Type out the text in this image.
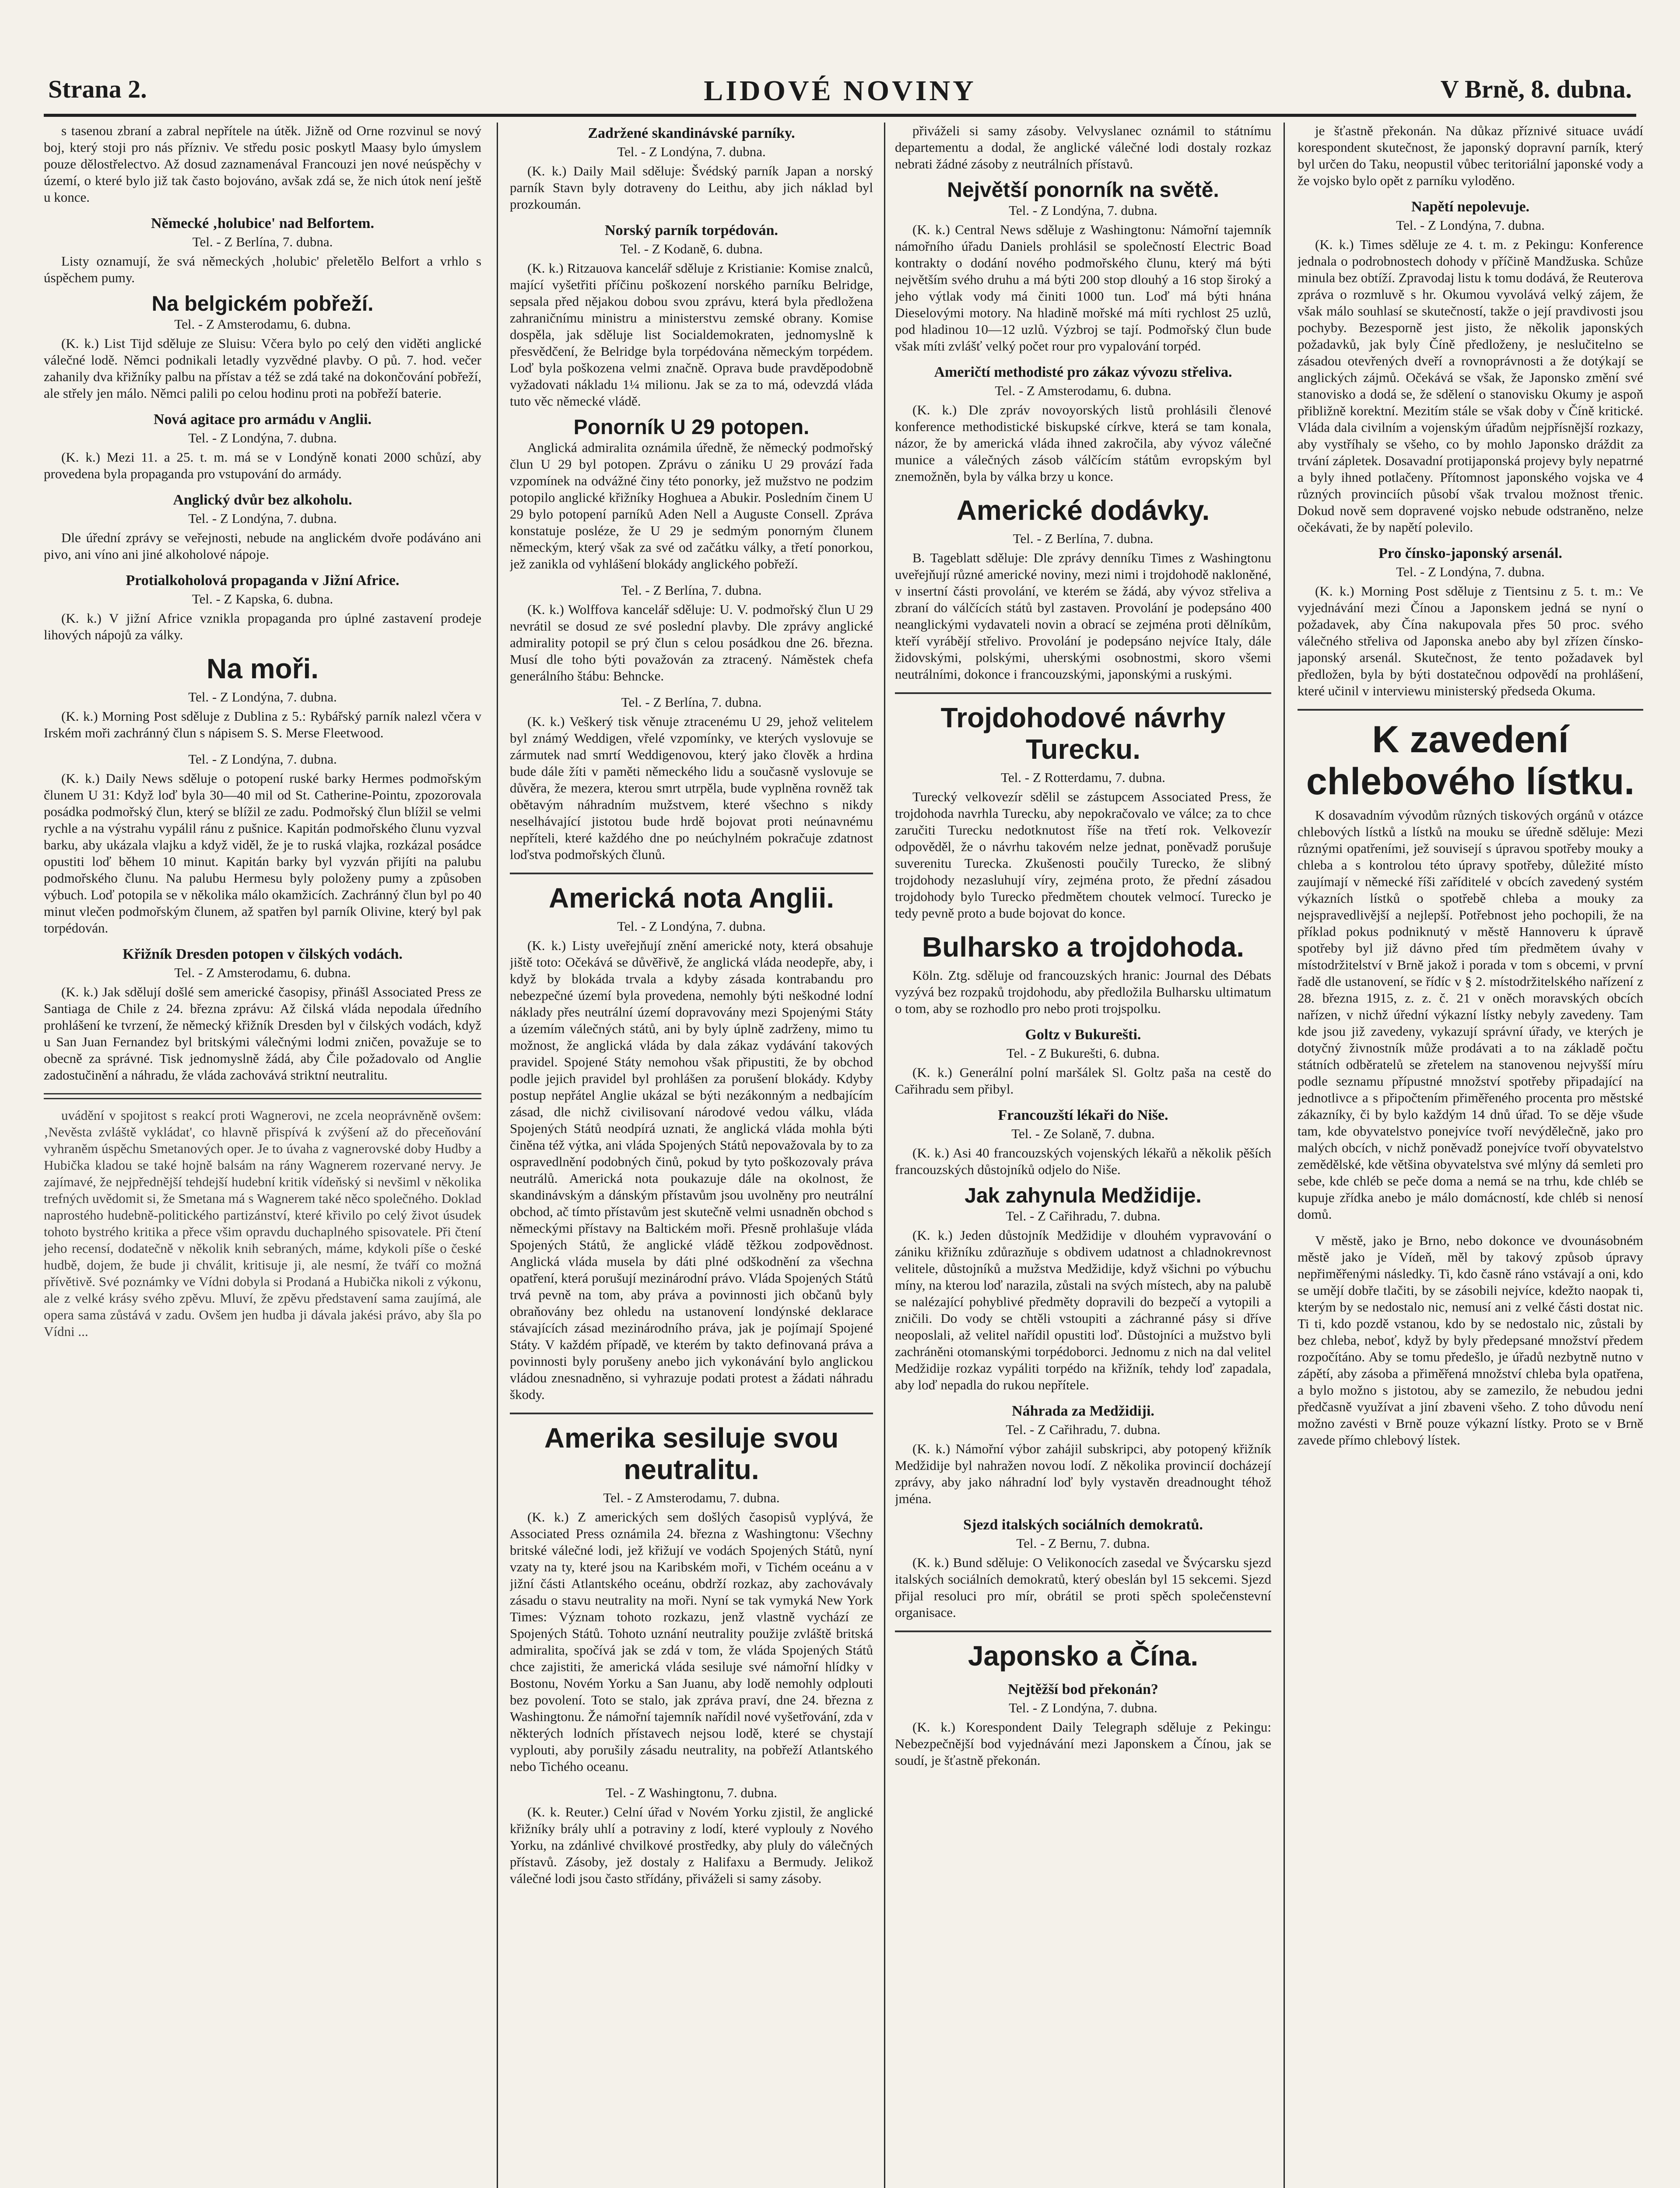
Strana 2.	LIDOVÉ NOVINY	V Brně, 8. dubna.

s tasenou zbraní a zabral nepřítele na útěk. Jižně od Orne rozvinul se nový boj, který stoji pro nás přízniv. Ve středu posic poskytl Maasy bylo úmyslem pouze dělostřelectvo. Až dosud zaznamenával Francouzi jen nové neúspěchy v území, o které bylo již tak často bojováno, avšak zdá se, že nich útok není ještě u konce.

Německé ‚holubice' nad Belfortem.
Tel. - Z Berlína, 7. dubna.

Listy oznamují, že svá německých ‚holubic' přeletělo Belfort a vrhlo s úspěchem pumy.

Na belgickém pobřeží.
Tel. - Z Amsterodamu, 6. dubna.

(K. k.) List Tijd sděluje ze Sluisu: Včera bylo po celý den viděti anglické válečné lodě. Němci podnikali letadly vyzvědné plavby. O pů. 7. hod. večer zahanily dva křižníky palbu na přístav a též se zdá také na dokončování pobřeží, ale střely jen málo. Němci palili po celou hodinu proti na pobřeží baterie.

Nová agitace pro armádu v Anglii.
Tel. - Z Londýna, 7. dubna.

(K. k.) Mezi 11. a 25. t. m. má se v Londýně konati 2000 schůzí, aby provedena byla propaganda pro vstupování do armády.

Anglický dvůr bez alkoholu.
Tel. - Z Londýna, 7. dubna.

Dle úřední zprávy se veřejnosti, nebude na anglickém dvoře podáváno ani pivo, ani víno ani jiné alkoholové nápoje.

Protialkoholová propaganda v Jižní Africe.
Tel. - Z Kapska, 6. dubna.

(K. k.) V jižní Africe vznikla propaganda pro úplné zastavení prodeje lihových nápojů za války.

Na moři.
Tel. - Z Londýna, 7. dubna.

(K. k.) Morning Post sděluje z Dublina z 5.: Rybářský parník nalezl včera v Irském moři zachránný člun s nápisem S. S. Merse Fleetwood.

Tel. - Z Londýna, 7. dubna.

(K. k.) Daily News sděluje o potopení ruské barky Hermes podmořským člunem U 31: Když loď byla 30—40 mil od St. Catherine-Pointu, zpozorovala posádka podmořský člun, který se blížil ze zadu. Podmořský člun blížil se velmi rychle a na výstrahu vypálil ránu z pušnice. Kapitán podmořského člunu vyzval barku, aby ukázala vlajku a když viděl, že je to ruská vlajka, rozkázal posádce opustiti loď během 10 minut. Kapitán barky byl vyzván přijíti na palubu podmořského člunu. Na palubu Hermesu byly položeny pumy a způsoben výbuch. Loď potopila se v několika málo okamžicích. Zachránný člun byl po 40 minut vlečen podmořským člunem, až spatřen byl parník Olivine, který byl pak torpédován.

Křižník Dresden potopen v čilských vodách.
Tel. - Z Amsterodamu, 6. dubna.

(K. k.) Jak sdělují došlé sem americké časopisy, přinášl Associated Press ze Santiaga de Chile z 24. března zprávu: Až čilská vláda nepodala úředního prohlášení ke tvrzení, že německý křižník Dresden byl v čilských vodách, když u San Juan Fernandez byl britskými válečnými lodmi zničen, považuje se to obecně za správné. Tisk jednomyslně žádá, aby Čile požadovalo od Anglie zadostučinění a náhradu, že vláda zachovává striktní neutralitu.

uvádění v spojitost s reakcí proti Wagnerovi, ne zcela neoprávněně ovšem: ‚Nevěsta zvláště vykládat', co hlavně přispívá k zvýšení až do přeceňování vyhraněm úspěchu Smetanových oper. Je to úvaha z vagnerovské doby Hudby a Hubička kladou se také hojně balsám na rány Wagnerem rozervané nervy. Je zajímavé, že nejpřednější tehdejší hudební kritik vídeňský si nevšiml v několika trefných uvědomit si, že Smetana má s Wagnerem také něco společného. Doklad naprostého hudebně-politického partizánství, které křivilo po celý život úsudek tohoto bystrého kritika a přece všim opravdu duchaplného spisovatele. Při čtení jeho recensí, dodatečně v několik knih sebraných, máme, kdykoli píše o české hudbě, dojem, že bude ji chválit, kritisuje ji, ale nesmí, že tváří co možná přívětivě. Své poznámky ve Vídni dobyla si Prodaná a Hubička nikoli z výkonu, ale z velké krásy svého zpěvu. Mluví, že zpěvu představení sama zaujímá, ale opera sama zůstává v zadu. Ovšem jen hudba ji dávala jakési právo, aby šla po Vídni ...

Zadržené skandinávské parníky.
Tel. - Z Londýna, 7. dubna.

(K. k.) Daily Mail sděluje: Švédský parník Japan a norský parník Stavn byly dotraveny do Leithu, aby jich náklad byl prozkoumán.

Norský parník torpédován.
Tel. - Z Kodaně, 6. dubna.

(K. k.) Ritzauova kancelář sděluje z Kristianie: Komise znalců, mající vyšetřiti příčinu poškození norského parníku Belridge, sepsala před nějakou dobou svou zprávu, která byla předložena zahraničnímu ministru a ministerstvu zemské obrany. Komise dospěla, jak sděluje list Socialdemokraten, jednomyslně k přesvědčení, že Belridge byla torpédována německým torpédem. Loď byla poškozena velmi značně. Oprava bude pravděpodobně vyžadovati nákladu 1¼ milionu. Jak se za to má, odevzdá vláda tuto věc německé vládě.

Ponorník U 29 potopen.

Anglická admiralita oznámila úředně, že německý podmořský člun U 29 byl potopen. Zprávu o zániku U 29 provází řada vzpomínek na odvážné činy této ponorky, jež mužstvo ne podzim potopilo anglické křižníky Hoghuea a Abukir. Posledním činem U 29 bylo potopení parníků Aden Nell a Auguste Consell. Zpráva konstatuje posléze, že U 29 je sedmým ponorným člunem německým, který však za své od začátku války, a třetí ponorkou, jež zanikla od vyhlášení blokády anglického pobřeží.

Tel. - Z Berlína, 7. dubna.

(K. k.) Wolffova kancelář sděluje: U. V. podmořský člun U 29 nevrátil se dosud ze své poslední plavby. Dle zprávy anglické admirality potopil se prý člun s celou posádkou dne 26. března. Musí dle toho býti považován za ztracený. Náměstek chefa generálního štábu: Behncke.

Tel. - Z Berlína, 7. dubna.

(K. k.) Veškerý tisk věnuje ztracenému U 29, jehož velitelem byl známý Weddigen, vřelé vzpomínky, ve kterých vyslovuje se zármutek nad smrtí Weddigenovou, který jako člověk a hrdina bude dále žíti v paměti německého lidu a současně vyslovuje se důvěra, že mezera, kterou smrt utrpěla, bude vyplněna rovněž tak obětavým náhradním mužstvem, které všechno s nikdy neselhávající jistotou bude hrdě bojovat proti neúnavnému nepříteli, které každého dne po neúchylném pokračuje zdatnost loďstva podmořských člunů.

Americká nota Anglii.
Tel. - Z Londýna, 7. dubna.

(K. k.) Listy uveřejňují znění americké noty, která obsahuje jiště toto: Očekává se důvěřivě, že anglická vláda neodepře, aby, i když by blokáda trvala a kdyby zásada kontrabandu pro nebezpečné území byla provedena, nemohly býti neškodné lodní náklady přes neutrální území dopravovány mezi Spojenými Státy a územím válečných států, ani by byly úplně zadrženy, mimo tu možnost, že anglická vláda by dala zákaz vydávání takových pravidel. Spojené Státy nemohou však připustiti, že by obchod podle jejich pravidel byl prohlášen za porušení blokády. Kdyby postup nepřátel Anglie ukázal se býti nezákonným a nedbajícím zásad, dle nichž civilisovaní národové vedou válku, vláda Spojených Států neodpírá uznati, že anglická vláda mohla býti činěna též výtka, ani vláda Spojených Států nepovažovala by to za ospravedlnění podobných činů, pokud by tyto poškozovaly práva neutrálů. Americká nota poukazuje dále na okolnost, že skandinávským a dánským přístavům jsou uvolněny pro neutrální obchod, ač tímto přístavům jest skutečně velmi usnadněn obchod s německými přístavy na Baltickém moři. Přesně prohlašuje vláda Spojených Států, že anglické vládě těžkou zodpovědnost. Anglická vláda musela by dáti plné odškodnění za všechna opatření, která porušují mezinárodní právo. Vláda Spojených Států trvá pevně na tom, aby práva a povinnosti jich občanů byly obraňovány bez ohledu na ustanovení londýnské deklarace stávajících zásad mezinárodního práva, jak je pojímají Spojené Státy. V každém případě, ve kterém by takto definovaná práva a povinnosti byly porušeny anebo jich vykonávání bylo anglickou vládou znesnadněno, si vyhrazuje podati protest a žádati náhradu škody.

Amerika sesiluje svou neutralitu.
Tel. - Z Amsterodamu, 7. dubna.

(K. k.) Z amerických sem došlých časopisů vyplývá, že Associated Press oznámila 24. března z Washingtonu: Všechny britské válečné lodi, jež křižují ve vodách Spojených Států, nyní vzaty na ty, které jsou na Karibském moři, v Tichém oceánu a v jižní části Atlantského oceánu, obdrží rozkaz, aby zachovávaly zásadu o stavu neutrality na moři. Nyní se tak vymyká New York Times: Význam tohoto rozkazu, jenž vlastně vychází ze Spojených Států. Tohoto uznání neutrality použije zvláště britská admiralita, spočívá jak se zdá v tom, že vláda Spojených Států chce zajistiti, že americká vláda sesiluje své námořní hlídky v Bostonu, Novém Yorku a San Juanu, aby lodě nemohly odplouti bez povolení. Toto se stalo, jak zpráva praví, dne 24. března z Washingtonu. Že námořní tajemník nařídil nové vyšetřování, zda v některých lodních přístavech nejsou lodě, které se chystají vyplouti, aby porušily zásadu neutrality, na pobřeží Atlantského nebo Tichého oceanu.

Tel. - Z Washingtonu, 7. dubna.

(K. k. Reuter.) Celní úřad v Novém Yorku zjistil, že anglické křižníky brály uhlí a potraviny z lodí, které vyplouly z Nového Yorku, na zdánlivé chvilkové prostředky, aby pluly do válečných přístavů. Zásoby, jež dostaly z Halifaxu a Bermudy. Jelikož válečné lodi jsou často střídány, přiváželi si samy zásoby.

přiváželi si samy zásoby. Velvyslanec oznámil to státnímu departementu a dodal, že anglické válečné lodi dostaly rozkaz nebrati žádné zásoby z neutrálních přístavů.

Největší ponorník na světě.
Tel. - Z Londýna, 7. dubna.

(K. k.) Central News sděluje z Washingtonu: Námořní tajemník námořního úřadu Daniels prohlásil se společností Electric Boad kontrakty o dodání nového podmořského člunu, který má býti největším svého druhu a má býti 200 stop dlouhý a 16 stop široký a jeho výtlak vody má činiti 1000 tun. Loď má býti hnána Dieselovými motory. Na hladině mořské má míti rychlost 25 uzlů, pod hladinou 10—12 uzlů. Výzbroj se tají. Podmořský člun bude však míti zvlášť velký počet rour pro vypalování torpéd.

Američtí methodisté pro zákaz vývozu střeliva.
Tel. - Z Amsterodamu, 6. dubna.

(K. k.) Dle zpráv novoyorských listů prohlásili členové konference methodistické biskupské církve, která se tam konala, názor, že by americká vláda ihned zakročila, aby vývoz válečné munice a válečných zásob válčícím státům evropským byl znemožněn, byla by válka brzy u konce.

Americké dodávky.
Tel. - Z Berlína, 7. dubna.

B. Tageblatt sděluje: Dle zprávy denníku Times z Washingtonu uveřejňují různé americké noviny, mezi nimi i trojdohodě nakloněné, v insertní části provolání, ve kterém se žádá, aby vývoz střeliva a zbraní do válčících států byl zastaven. Provolání je podepsáno 400 neanglickými vydavateli novin a obrací se zejména proti dělníkům, kteří vyrábějí střelivo. Provolání je podepsáno nejvíce Italy, dále židovskými, polskými, uherskými osobnostmi, skoro všemi neutrálními, dokonce i francouzskými, japonskými a ruskými.

Trojdohodové návrhy Turecku.
Tel. - Z Rotterdamu, 7. dubna.

Turecký velkovezír sdělil se zástupcem Associated Press, že trojdohoda navrhla Turecku, aby nepokračovalo ve válce; za to chce zaručiti Turecku nedotknutost říše na třetí rok. Velkovezír odpověděl, že o návrhu takovém nelze jednat, poněvadž porušuje suverenitu Turecka. Zkušenosti poučily Turecko, že slibný trojdohody nezasluhují víry, zejména proto, že přední zásadou trojdohody bylo Turecko předmětem choutek velmocí. Turecko je tedy pevně proto a bude bojovat do konce.

Bulharsko a trojdohoda.

Köln. Ztg. sděluje od francouzských hranic: Journal des Débats vyzývá bez rozpaků trojdohodu, aby předložila Bulharsku ultimatum o tom, aby se rozhodlo pro nebo proti trojspolku.

Goltz v Bukurešti.
Tel. - Z Bukurešti, 6. dubna.

(K. k.) Generální polní maršálek Sl. Goltz paša na cestě do Cařihradu sem přibyl.

Francouzští lékaři do Niše.
Tel. - Ze Solaně, 7. dubna.

(K. k.) Asi 40 francouzských vojenských lékařů a několik pěších francouzských důstojníků odjelo do Niše.

Jak zahynula Medžidije.
Tel. - Z Cařihradu, 7. dubna.

(K. k.) Jeden důstojník Medžidije v dlouhém vypravování o zániku křižníku zdůrazňuje s obdivem udatnost a chladnokrevnost velitele, důstojníků a mužstva Medžidije, když všichni po výbuchu míny, na kterou loď narazila, zůstali na svých místech, aby na palubě se nalézající pohyblivé předměty dopravili do bezpečí a vytopili a zničili. Do vody se chtěli vstoupiti a záchranné pásy si dříve neoposlali, až velitel nařídil opustiti loď. Důstojníci a mužstvo byli zachráněni otomanskými torpédoborci. Jednomu z nich na dal velitel Medžidije rozkaz vypáliti torpédo na křižník, tehdy loď zapadala, aby loď nepadla do rukou nepřítele.

Náhrada za Medžidiji.
Tel. - Z Cařihradu, 7. dubna.

(K. k.) Námořní výbor zahájil subskripci, aby potopený křižník Medžidije byl nahražen novou lodí. Z několika provincií docházejí zprávy, aby jako náhradní loď byly vystavěn dreadnought téhož jména.

Sjezd italských sociálních demokratů.
Tel. - Z Bernu, 7. dubna.

(K. k.) Bund sděluje: O Velikonocích zasedal ve Švýcarsku sjezd italských sociálních demokratů, který obeslán byl 15 sekcemi. Sjezd přijal resoluci pro mír, obrátil se proti spěch společenstevní organisace.

Japonsko a Čína.
Nejtěžší bod překonán?
Tel. - Z Londýna, 7. dubna.

(K. k.) Korespondent Daily Telegraph sděluje z Pekingu: Nebezpečnější bod vyjednávání mezi Japonskem a Čínou, jak se soudí, je šťastně překonán.

je šťastně překonán. Na důkaz příznivé situace uvádí korespondent skutečnost, že japonský dopravní parník, který byl určen do Taku, neopustil vůbec teritoriální japonské vody a že vojsko bylo opět z parníku vyloděno.

Napětí nepolevuje.
Tel. - Z Londýna, 7. dubna.

(K. k.) Times sděluje ze 4. t. m. z Pekingu: Konference jednala o podrobnostech dohody v příčině Mandžuska. Schůze minula bez obtíží. Zpravodaj listu k tomu dodává, že Reuterova zpráva o rozmluvě s hr. Okumou vyvolává velký zájem, že však málo souhlasí se skutečností, takže o její pravdivosti jsou pochyby. Bezesporně jest jisto, že několik japonských požadavků, jak byly Číně předloženy, je neslučitelno se zásadou otevřených dveří a rovnoprávnosti a že dotýkají se anglických zájmů. Očekává se však, že Japonsko změní své stanovisko a dodá se, že sdělení o stanovisku Okumy je aspoň přibližně korektní. Mezitím stále se však doby v Číně kritické. Vláda dala civilním a vojenským úřadům nejpřísnější rozkazy, aby vystříhaly se všeho, co by mohlo Japonsko dráždit za trvání zápletek. Dosavadní protijaponská projevy byly nepatrné a byly ihned potlačeny. Přítomnost japonského vojska ve 4 různých provinciích působí však trvalou možnost třenic. Dokud nově sem dopravené vojsko nebude odstraněno, nelze očekávati, že by napětí polevilo.

Pro čínsko-japonský arsenál.
Tel. - Z Londýna, 7. dubna.

(K. k.) Morning Post sděluje z Tientsinu z 5. t. m.: Ve vyjednávání mezi Čínou a Japonskem jedná se nyní o požadavek, aby Čína nakupovala přes 50 proc. svého válečného střeliva od Japonska anebo aby byl zřízen čínsko-japonský arsenál. Skutečnost, že tento požadavek byl předložen, byla by býti dostatečnou odpovědí na prohlášení, které učinil v interviewu ministerský předseda Okuma.

K zavedení chlebového lístku.

K dosavadním vývodům různých tiskových orgánů v otázce chlebových lístků a lístků na mouku se úředně sděluje: Mezi různými opatřeními, jež souvisejí s úpravou spotřeby mouky a chleba a s kontrolou této úpravy spotřeby, důležité místo zaujímají v německé říši zaříditelé v obcích zavedený systém výkazních lístků o spotřebě chleba a mouky za nejspravedlivější a nejlepší. Potřebnost jeho pochopili, že na příklad pokus podniknutý v městě Hannoveru k úpravě spotřeby byl již dávno před tím předmětem úvahy v místodržitelství v Brně jakož i porada v tom s obcemi, v první řadě dle ustanovení, se řídíc v § 2. místodržitelského nařízení z 28. března 1915, z. z. č. 21 v oněch moravských obcích nařízen, v nichž úřední výkazní lístky nebyly zavedeny. Tam kde jsou již zavedeny, vykazují správní úřady, ve kterých je dotyčný živnostník může prodávati a to na základě počtu státních odběratelů se zřetelem na stanovenou nejvyšší míru podle seznamu přípustné množství spotřeby připadající na jednotlivce a s připočtením přiměřeného procenta pro městské zákazníky, či by bylo každým 14 dnů úřad. To se děje všude tam, kde obyvatelstvo ponejvíce tvoří nevýdělečně, jako pro malých obcích, v nichž poněvadž ponejvíce tvoří obyvatelstvo zemědělské, kde většina obyvatelstva své mlýny dá semleti pro sebe, kde chléb se peče doma a nemá se na trhu, kde chléb se kupuje zřídka anebo je málo domácností, kde chléb si nenosí domů.

V městě, jako je Brno, nebo dokonce ve dvounásobném městě jako je Vídeň, měl by takový způsob úpravy nepřiměřenými následky. Ti, kdo časně ráno vstávají a oni, kdo se umějí dobře tlačiti, by se zásobili nejvíce, kdežto naopak ti, kterým by se nedostalo nic, nemusí ani z velké části dostat nic. Ti ti, kdo pozdě vstanou, kdo by se nedostalo nic, zůstali by bez chleba, neboť, když by byly předepsané množství předem rozpočítáno. Aby se tomu předešlo, je úřadů nezbytně nutno v zápětí, aby zásoba a přiměřená množství chleba byla opatřena, a bylo možno s jistotou, aby se zamezilo, že nebudou jedni předčasně využívat a jiní zbaveni všeho. Z toho důvodu není možno zavésti v Brně pouze výkazní lístky. Proto se v Brně zavede přímo chlebový lístek.
